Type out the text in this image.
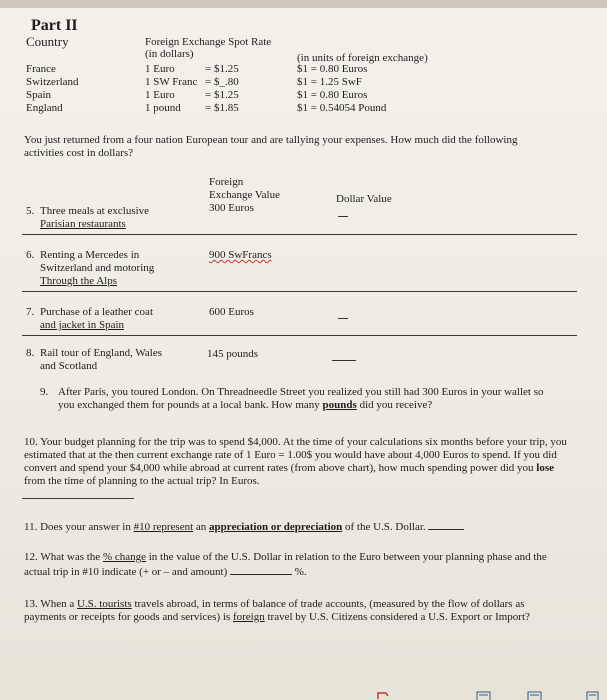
Part II
Country	Foreign Exchange Spot Rate
(in dollars)	(in units of foreign exchange)
France	1 Euro	= $1.25	$1 = 0.80 Euros
Switzerland	1 SW Franc = $_.80	$1 = 1.25 SwF
Spain	1 Euro	= $1.25	$1 = 0.80 Euros
England	1 pound = $1.85	$1 = 0.54054 Pound
You just returned from a four nation European tour and are tallying your expenses. How much did the following activities cost in dollars?
Foreign
Exchange Value	Dollar Value
5. Three meals at exclusive
Parisian restaurants
300 Euros
6. Renting a Mercedes in
Switzerland and motoring
Through the Alps
900 SwFrancs
7. Purchase of a leather coat
and jacket in Spain
600 Euros
8. Rail tour of England, Wales
and Scotland
145 pounds
9. After Paris, you toured London. On Threadneedle Street you realized you still had 300 Euros in your wallet so you exchanged them for pounds at a local bank. How many pounds did you receive?
10. Your budget planning for the trip was to spend $4,000. At the time of your calculations six months before your trip, you estimated that at the then current exchange rate of 1 Euro = 1.00$ you would have about 4,000 Euros to spend. If you did convert and spend your $4,000 while abroad at current rates (from above chart), how much spending power did you lose from the time of planning to the actual trip? In Euros.
11. Does your answer in #10 represent an appreciation or depreciation of the U.S. Dollar.
12. What was the % change in the value of the U.S. Dollar in relation to the Euro between your planning phase and the actual trip in #10 indicate (+ or – and amount)	%.
13. When a U.S. tourists travels abroad, in terms of balance of trade accounts, (measured by the flow of dollars as payments or receipts for goods and services) is foreign travel by U.S. Citizens considered a U.S. Export or Import?
